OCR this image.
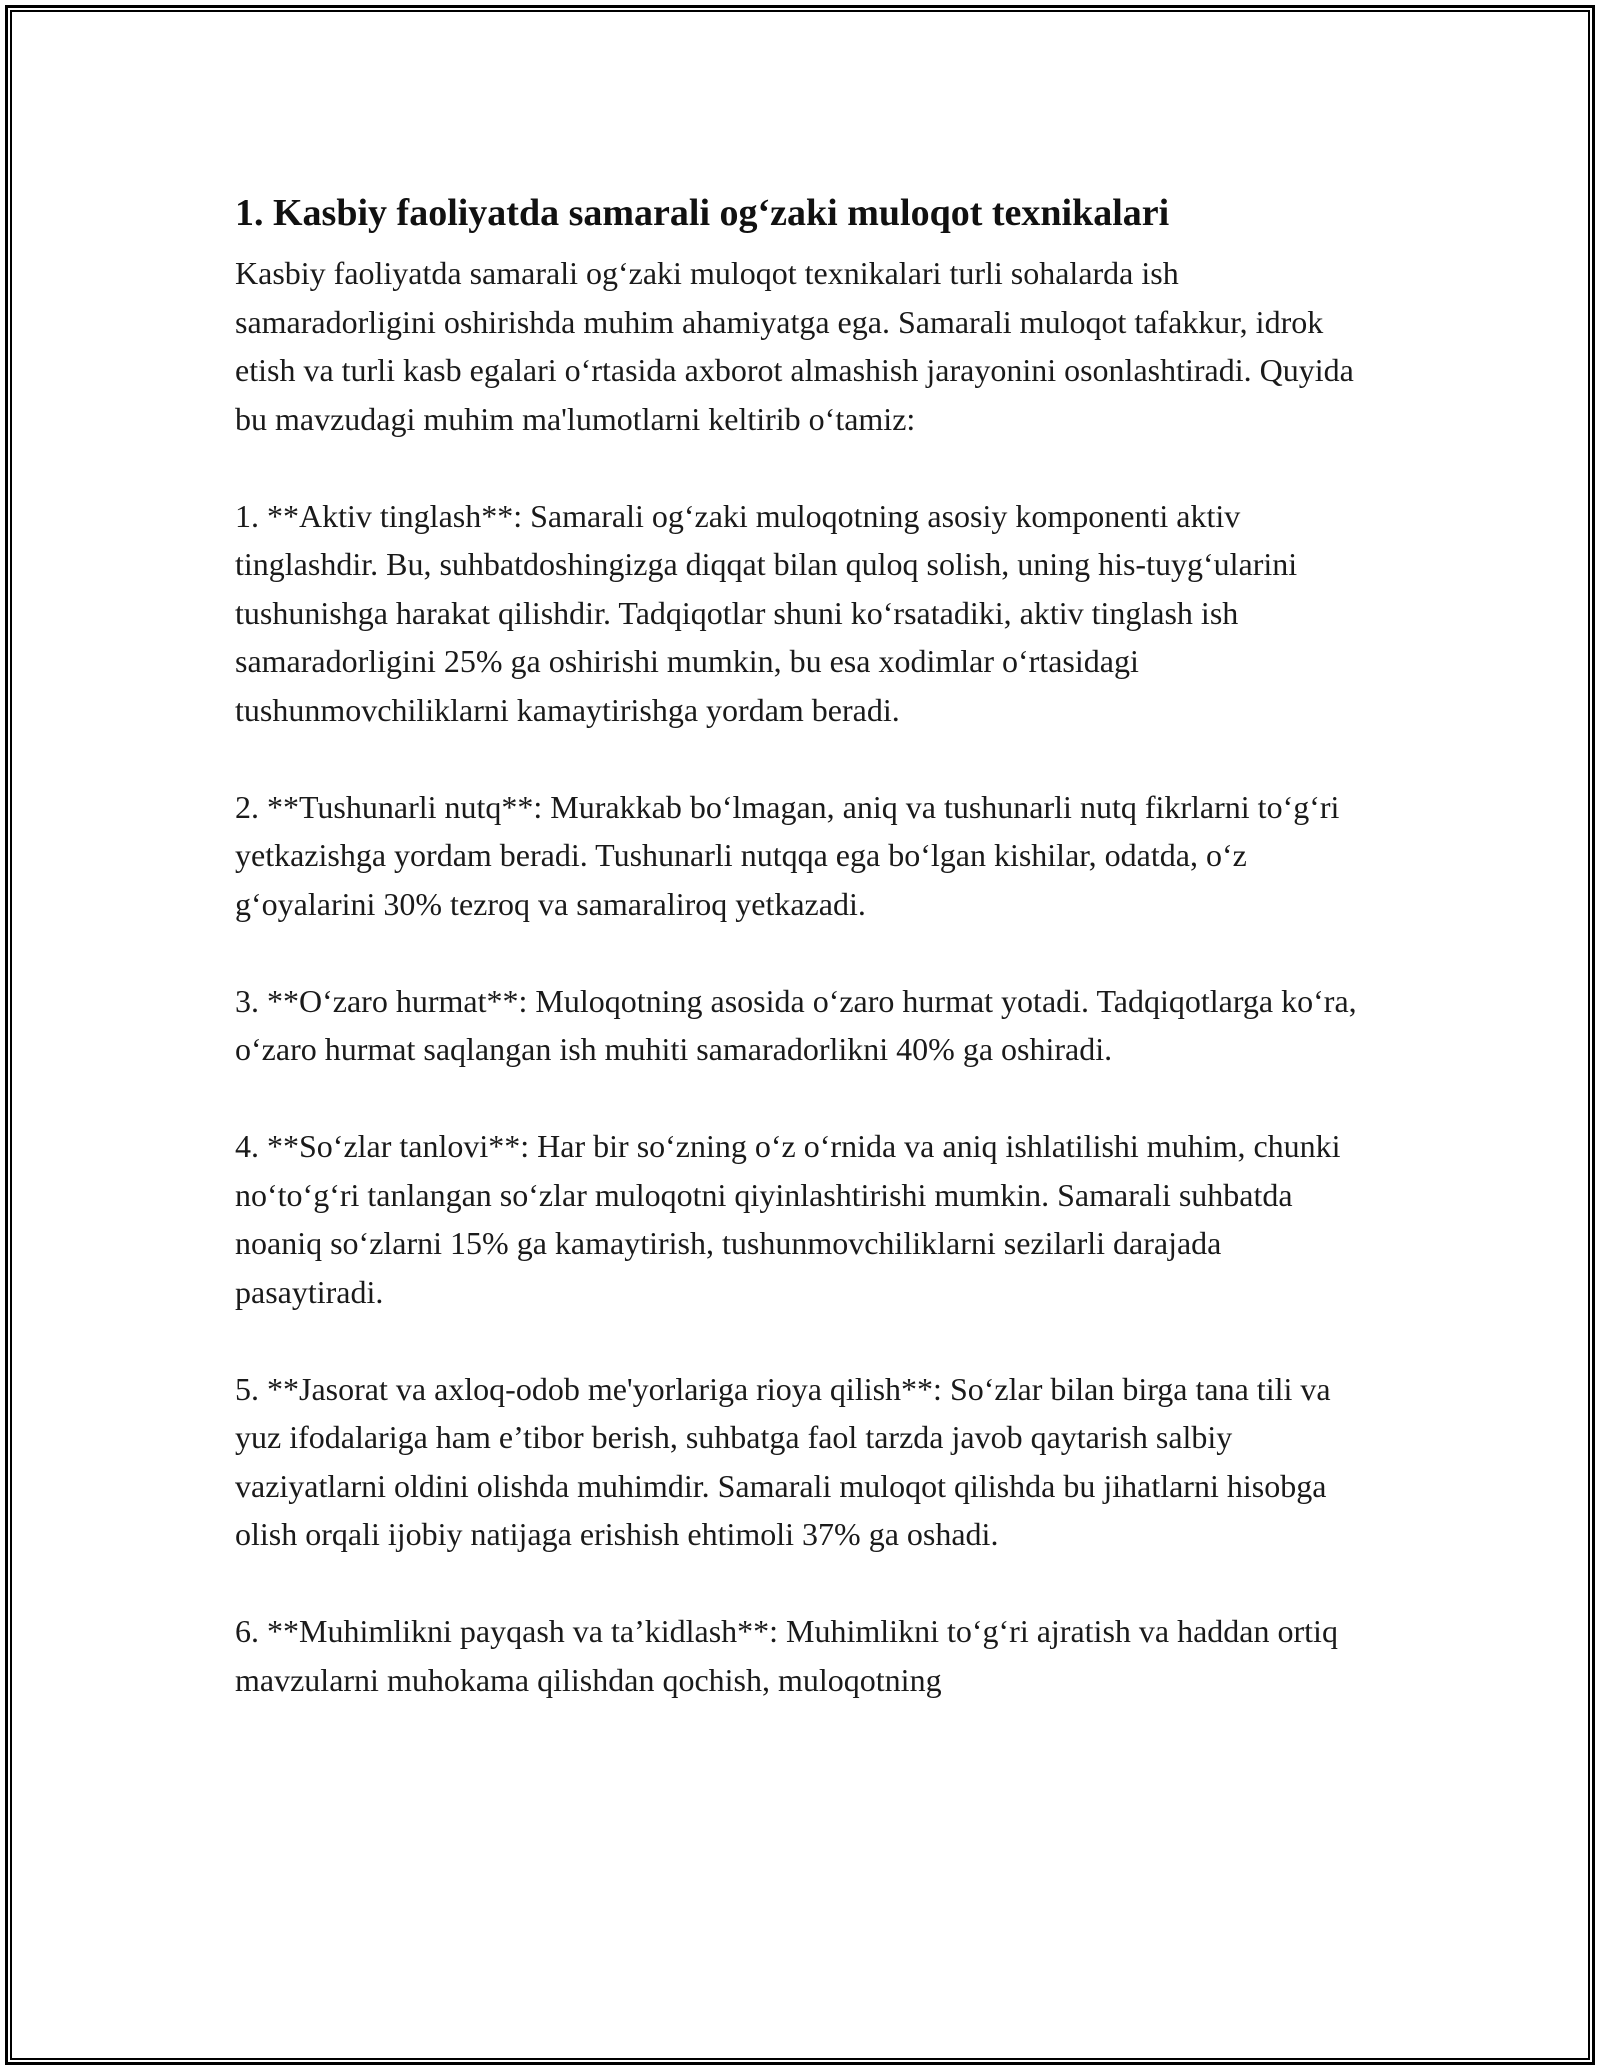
1. Kasbiy faoliyatda samarali og‘zaki muloqot texnikalari

Kasbiy faoliyatda samarali og‘zaki muloqot texnikalari turli sohalarda ish samaradorligini oshirishda muhim ahamiyatga ega. Samarali muloqot tafakkur, idrok etish va turli kasb egalari o‘rtasida axborot almashish jarayonini osonlashtiradi. Quyida bu mavzudagi muhim ma'lumotlarni keltirib o‘tamiz:

1. **Aktiv tinglash**: Samarali og‘zaki muloqotning asosiy komponenti aktiv tinglashdir. Bu, suhbatdoshingizga diqqat bilan quloq solish, uning his-tuyg‘ularini tushunishga harakat qilishdir. Tadqiqotlar shuni ko‘rsatadiki, aktiv tinglash ish samaradorligini 25% ga oshirishi mumkin, bu esa xodimlar o‘rtasidagi tushunmovchiliklarni kamaytirishga yordam beradi.

2. **Tushunarli nutq**: Murakkab bo‘lmagan, aniq va tushunarli nutq fikrlarni to‘g‘ri yetkazishga yordam beradi. Tushunarli nutqqa ega bo‘lgan kishilar, odatda, o‘z g‘oyalarini 30% tezroq va samaraliroq yetkazadi.

3. **O‘zaro hurmat**: Muloqotning asosida o‘zaro hurmat yotadi. Tadqiqotlarga ko‘ra, o‘zaro hurmat saqlangan ish muhiti samaradorlikni 40% ga oshiradi.

4. **So‘zlar tanlovi**: Har bir so‘zning o‘z o‘rnida va aniq ishlatilishi muhim, chunki no‘to‘g‘ri tanlangan so‘zlar muloqotni qiyinlashtirishi mumkin. Samarali suhbatda noaniq so‘zlarni 15% ga kamaytirish, tushunmovchiliklarni sezilarli darajada pasaytiradi.

5. **Jasorat va axloq-odob me'yorlariga rioya qilish**: So‘zlar bilan birga tana tili va yuz ifodalariga ham e’tibor berish, suhbatga faol tarzda javob qaytarish salbiy vaziyatlarni oldini olishda muhimdir. Samarali muloqot qilishda bu jihatlarni hisobga olish orqali ijobiy natijaga erishish ehtimoli 37% ga oshadi.

6. **Muhimlikni payqash va ta’kidlash**: Muhimlikni to‘g‘ri ajratish va haddan ortiq mavzularni muhokama qilishdan qochish, muloqotning
